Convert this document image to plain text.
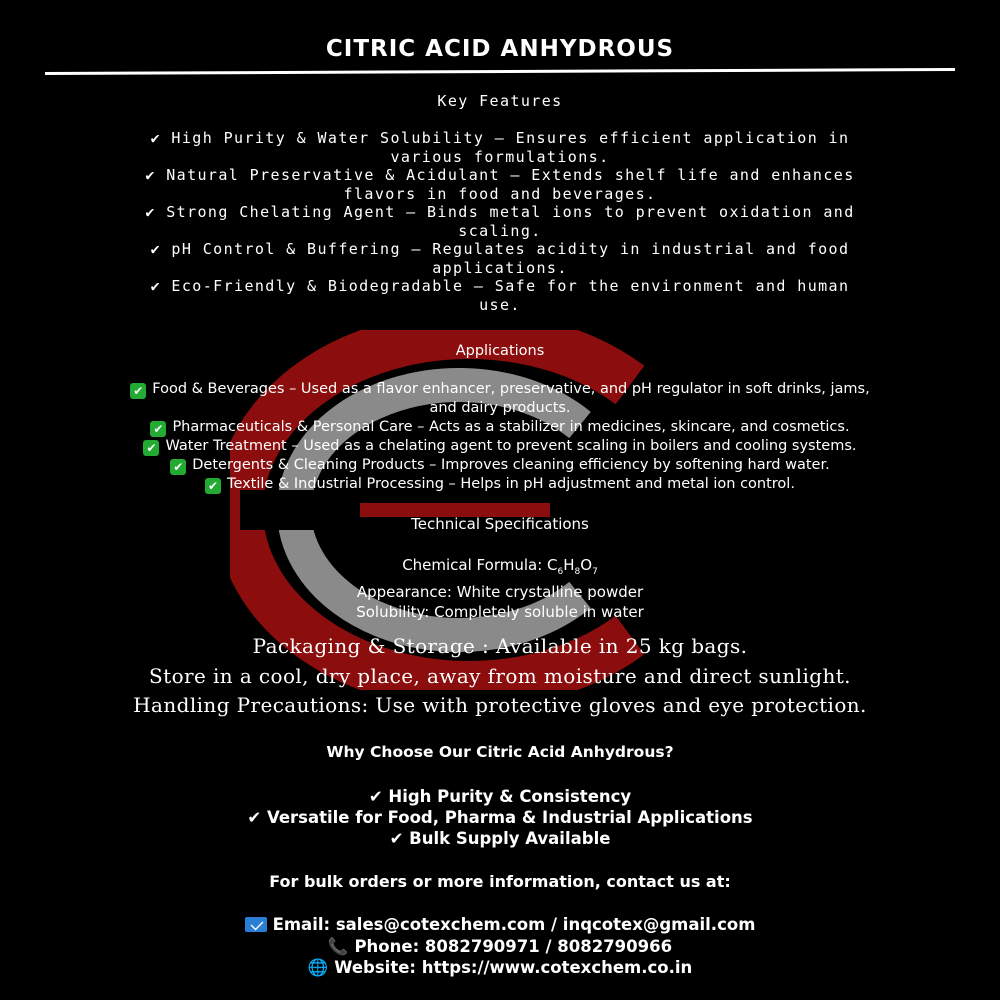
CITRIC ACID ANHYDROUS
Key Features
✔ High Purity & Water Solubility – Ensures efficient application in
various formulations.
✔ Natural Preservative & Acidulant – Extends shelf life and enhances
flavors in food and beverages.
✔ Strong Chelating Agent – Binds metal ions to prevent oxidation and
scaling.
✔ pH Control & Buffering – Regulates acidity in industrial and food
applications.
✔ Eco-Friendly & Biodegradable – Safe for the environment and human
use.
Applications
✔ Food & Beverages – Used as a flavor enhancer, preservative, and pH regulator in soft drinks, jams,
and dairy products.
✔ Pharmaceuticals & Personal Care – Acts as a stabilizer in medicines, skincare, and cosmetics.
✔ Water Treatment – Used as a chelating agent to prevent scaling in boilers and cooling systems.
✔ Detergents & Cleaning Products – Improves cleaning efficiency by softening hard water.
✔ Textile & Industrial Processing – Helps in pH adjustment and metal ion control.
Technical Specifications
Chemical Formula: $C_6H_8O_7$
Appearance: White crystalline powder
Solubility: Completely soluble in water
Packaging & Storage : Available in 25 kg bags.
Store in a cool, dry place, away from moisture and direct sunlight.
Handling Precautions: Use with protective gloves and eye protection.
Why Choose Our Citric Acid Anhydrous?
✔ High Purity & Consistency
✔ Versatile for Food, Pharma & Industrial Applications
✔ Bulk Supply Available
For bulk orders or more information, contact us at:
Email: sales@cotexchem.com / inqcotex@gmail.com
📞 Phone: 8082790971 / 8082790966
🌐 Website: https://www.cotexchem.co.in
